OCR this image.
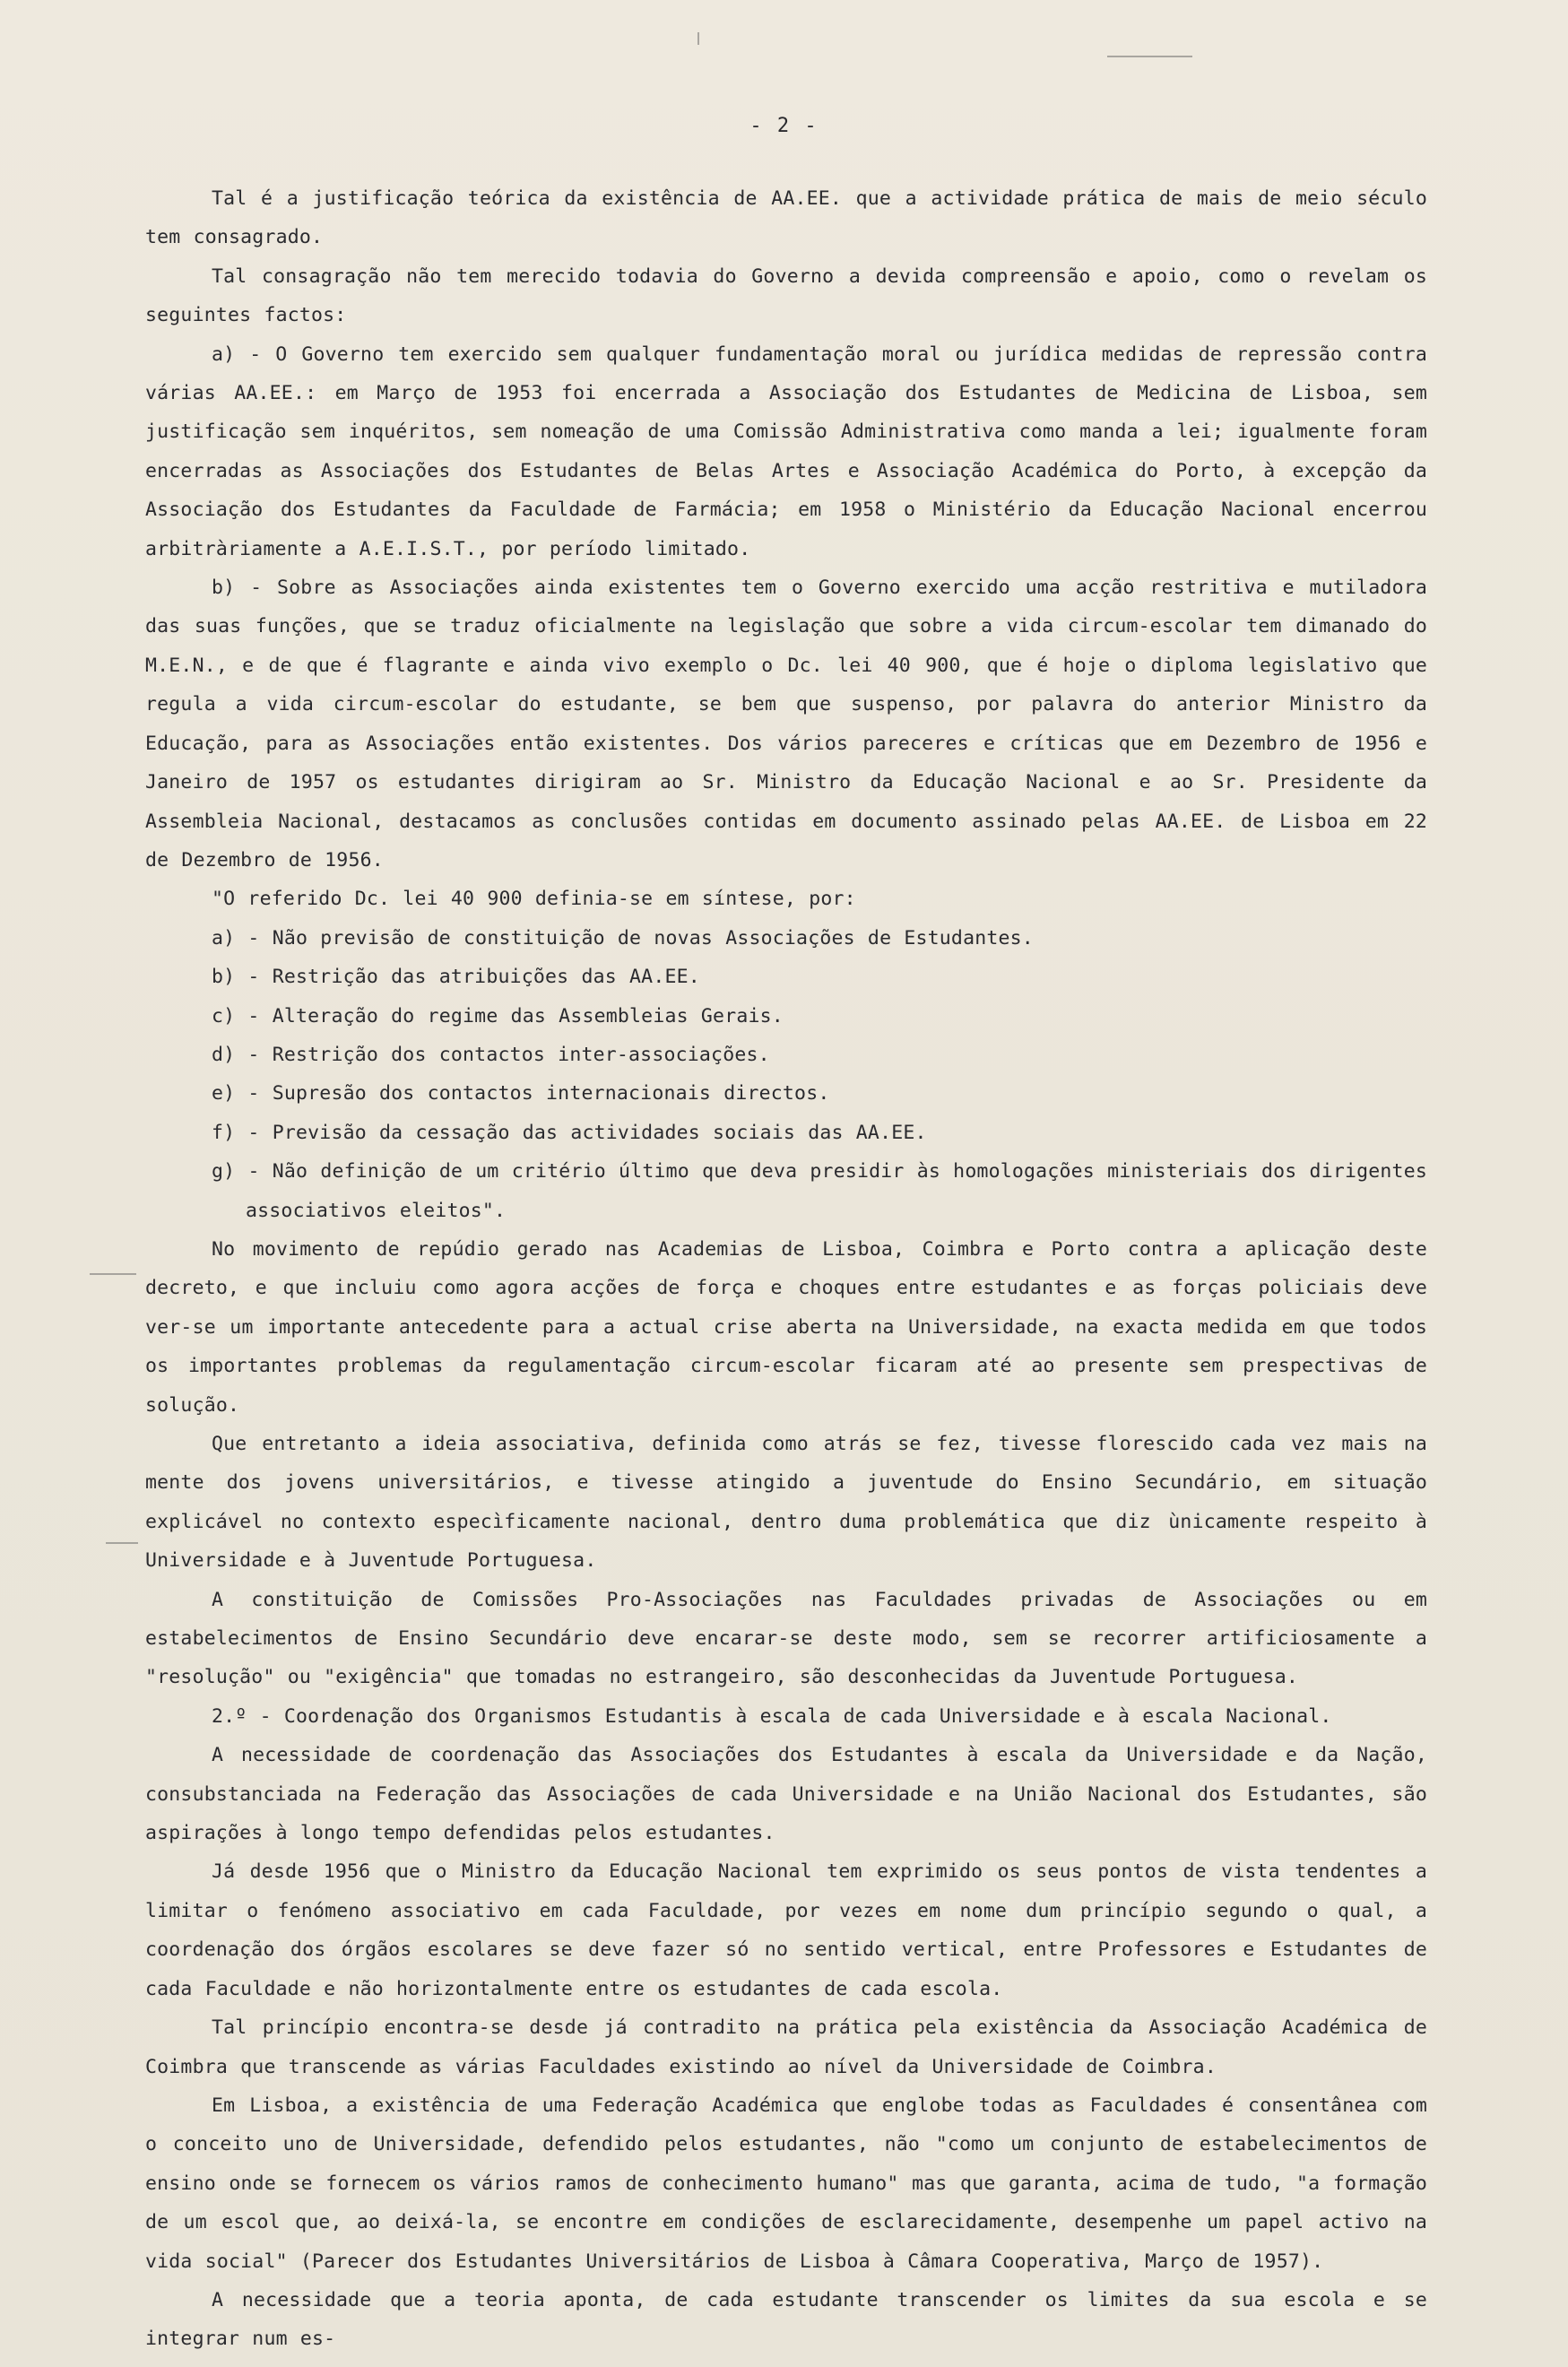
- 2 -

Tal é a justificação teórica da existência de AA.EE. que a actividade prática de mais de meio século tem consagrado.

Tal consagração não tem merecido todavia do Governo a devida compreensão e apoio, como o revelam os seguintes factos:

a) - O Governo tem exercido sem qualquer fundamentação moral ou jurídica medidas de repressão contra várias AA.EE.: em Março de 1953 foi encerrada a Associação dos Estudantes de Medicina de Lisboa, sem justificação sem inquéritos, sem nomeação de uma Comissão Administrativa como manda a lei; igualmente foram encerradas as Associações dos Estudantes de Belas Artes e Associação Académica do Porto, à excepção da Associação dos Estudantes da Faculdade de Farmácia; em 1958 o Ministério da Educação Nacional encerrou arbitràriamente a A.E.I.S.T., por período limitado.

b) - Sobre as Associações ainda existentes tem o Governo exercido uma acção restritiva e mutiladora das suas funções, que se traduz oficialmente na legislação que sobre a vida circum-escolar tem dimanado do M.E.N., e de que é flagrante e ainda vivo exemplo o Dc. lei 40 900, que é hoje o diploma legislativo que regula a vida circum-escolar do estudante, se bem que suspenso, por palavra do anterior Ministro da Educação, para as Associações então existentes. Dos vários pareceres e críticas que em Dezembro de 1956 e Janeiro de 1957 os estudantes dirigiram ao Sr. Ministro da Educação Nacional e ao Sr. Presidente da Assembleia Nacional, destacamos as conclusões contidas em documento assinado pelas AA.EE. de Lisboa em 22 de Dezembro de 1956.

"O referido Dc. lei 40 900 definia-se em síntese, por:

a) - Não previsão de constituição de novas Associações de Estudantes.

b) - Restrição das atribuições das AA.EE.

c) - Alteração do regime das Assembleias Gerais.

d) - Restrição dos contactos inter-associações.

e) - Supresão dos contactos internacionais directos.

f) - Previsão da cessação das actividades sociais das AA.EE.

g) - Não definição de um critério último que deva presidir às homologações ministeriais dos dirigentes associativos eleitos".

No movimento de repúdio gerado nas Academias de Lisboa, Coimbra e Porto contra a aplicação deste decreto, e que incluiu como agora acções de força e choques entre estudantes e as forças policiais deve ver-se um importante antecedente para a actual crise aberta na Universidade, na exacta medida em que todos os importantes problemas da regulamentação circum-escolar ficaram até ao presente sem prespectivas de solução.

Que entretanto a ideia associativa, definida como atrás se fez, tivesse florescido cada vez mais na mente dos jovens universitários, e tivesse atingido a juventude do Ensino Secundário, em situação explicável no contexto especìficamente nacional, dentro duma problemática que diz ùnicamente respeito à Universidade e à Juventude Portuguesa.

A constituição de Comissões Pro-Associações nas Faculdades privadas de Associações ou em estabelecimentos de Ensino Secundário deve encarar-se deste modo, sem se recorrer artificiosamente a "resolução" ou "exigência" que tomadas no estrangeiro, são desconhecidas da Juventude Portuguesa.

2.º - Coordenação dos Organismos Estudantis à escala de cada Universidade e à escala Nacional.

A necessidade de coordenação das Associações dos Estudantes à escala da Universidade e da Nação, consubstanciada na Federação das Associações de cada Universidade e na União Nacional dos Estudantes, são aspirações à longo tempo defendidas pelos estudantes.

Já desde 1956 que o Ministro da Educação Nacional tem exprimido os seus pontos de vista tendentes a limitar o fenómeno associativo em cada Faculdade, por vezes em nome dum princípio segundo o qual, a coordenação dos órgãos escolares se deve fazer só no sentido vertical, entre Professores e Estudantes de cada Faculdade e não horizontalmente entre os estudantes de cada escola.

Tal princípio encontra-se desde já contradito na prática pela existência da Associação Académica de Coimbra que transcende as várias Faculdades existindo ao nível da Universidade de Coimbra.

Em Lisboa, a existência de uma Federação Académica que englobe todas as Faculdades é consentânea com o conceito uno de Universidade, defendido pelos estudantes, não "como um conjunto de estabelecimentos de ensino onde se fornecem os vários ramos de conhecimento humano" mas que garanta, acima de tudo, "a formação de um escol que, ao deixá-la, se encontre em condições de esclarecidamente, desempenhe um papel activo na vida social" (Parecer dos Estudantes Universitários de Lisboa à Câmara Cooperativa, Março de 1957).

A necessidade que a teoria aponta, de cada estudante transcender os limites da sua escola e se integrar num es-
